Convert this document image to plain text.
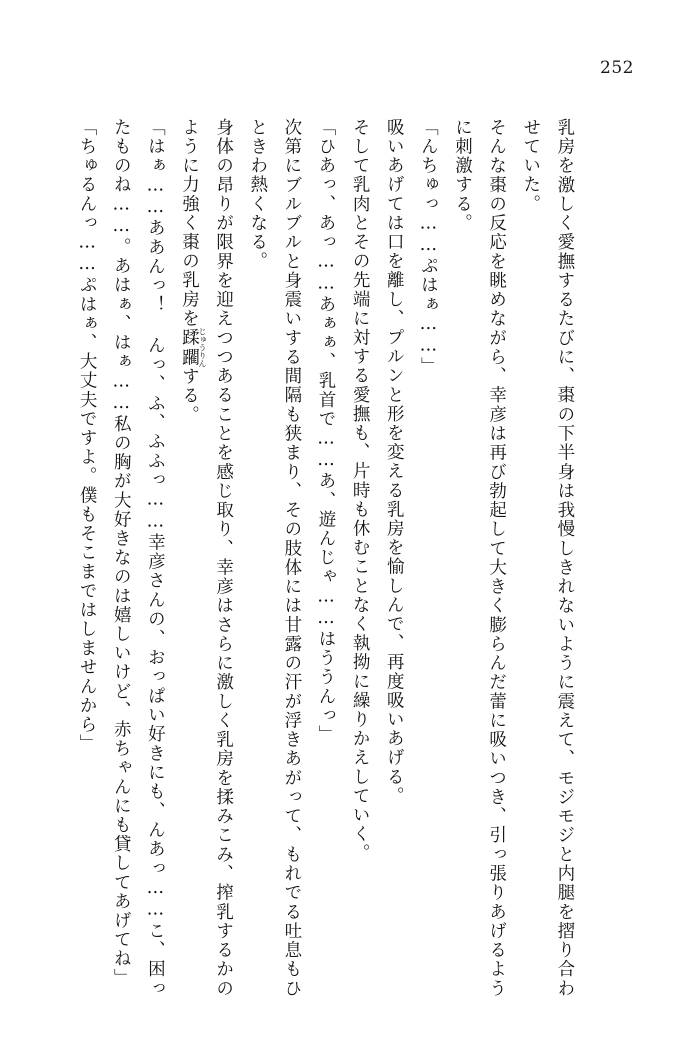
252

乳房を激しく愛撫するたびに、棗の下半身は我慢しきれないように震えて、モジモジと内腿を摺り合わせていた。

そんな棗の反応を眺めながら、幸彦は再び勃起して大きく膨らんだ蕾に吸いつき、引っ張りあげるように刺激する。

「んちゅっ……ぷはぁ……」

吸いあげては口を離し、プルンと形を変える乳房を愉しんで、再度吸いあげる。

そして乳肉とその先端に対する愛撫も、片時も休むことなく執拗に繰りかえしていく。

「ひあっ、あっ……あぁぁ、乳首で……あ、遊んじゃ……はううんっ」

次第にブルブルと身震いする間隔も狭まり、その肢体には甘露の汗が浮きあがって、もれでる吐息もひときわ熱くなる。

身体の昂りが限界を迎えつつあることを感じ取り、幸彦はさらに激しく乳房を揉みこみ、搾乳するかのように力強く棗の乳房を蹂躙じゅうりんする。

「はぁ……ああんっ！ んっ、ふ、ふふっ……幸彦さんの、おっぱい好きにも、んあっ……こ、困ったものね……。あはぁ、はぁ……私の胸が大好きなのは嬉しいけど、赤ちゃんにも貸してあげてね」

「ちゅるんっ……ぷはぁ、大丈夫ですよ。僕もそこまではしませんから」
